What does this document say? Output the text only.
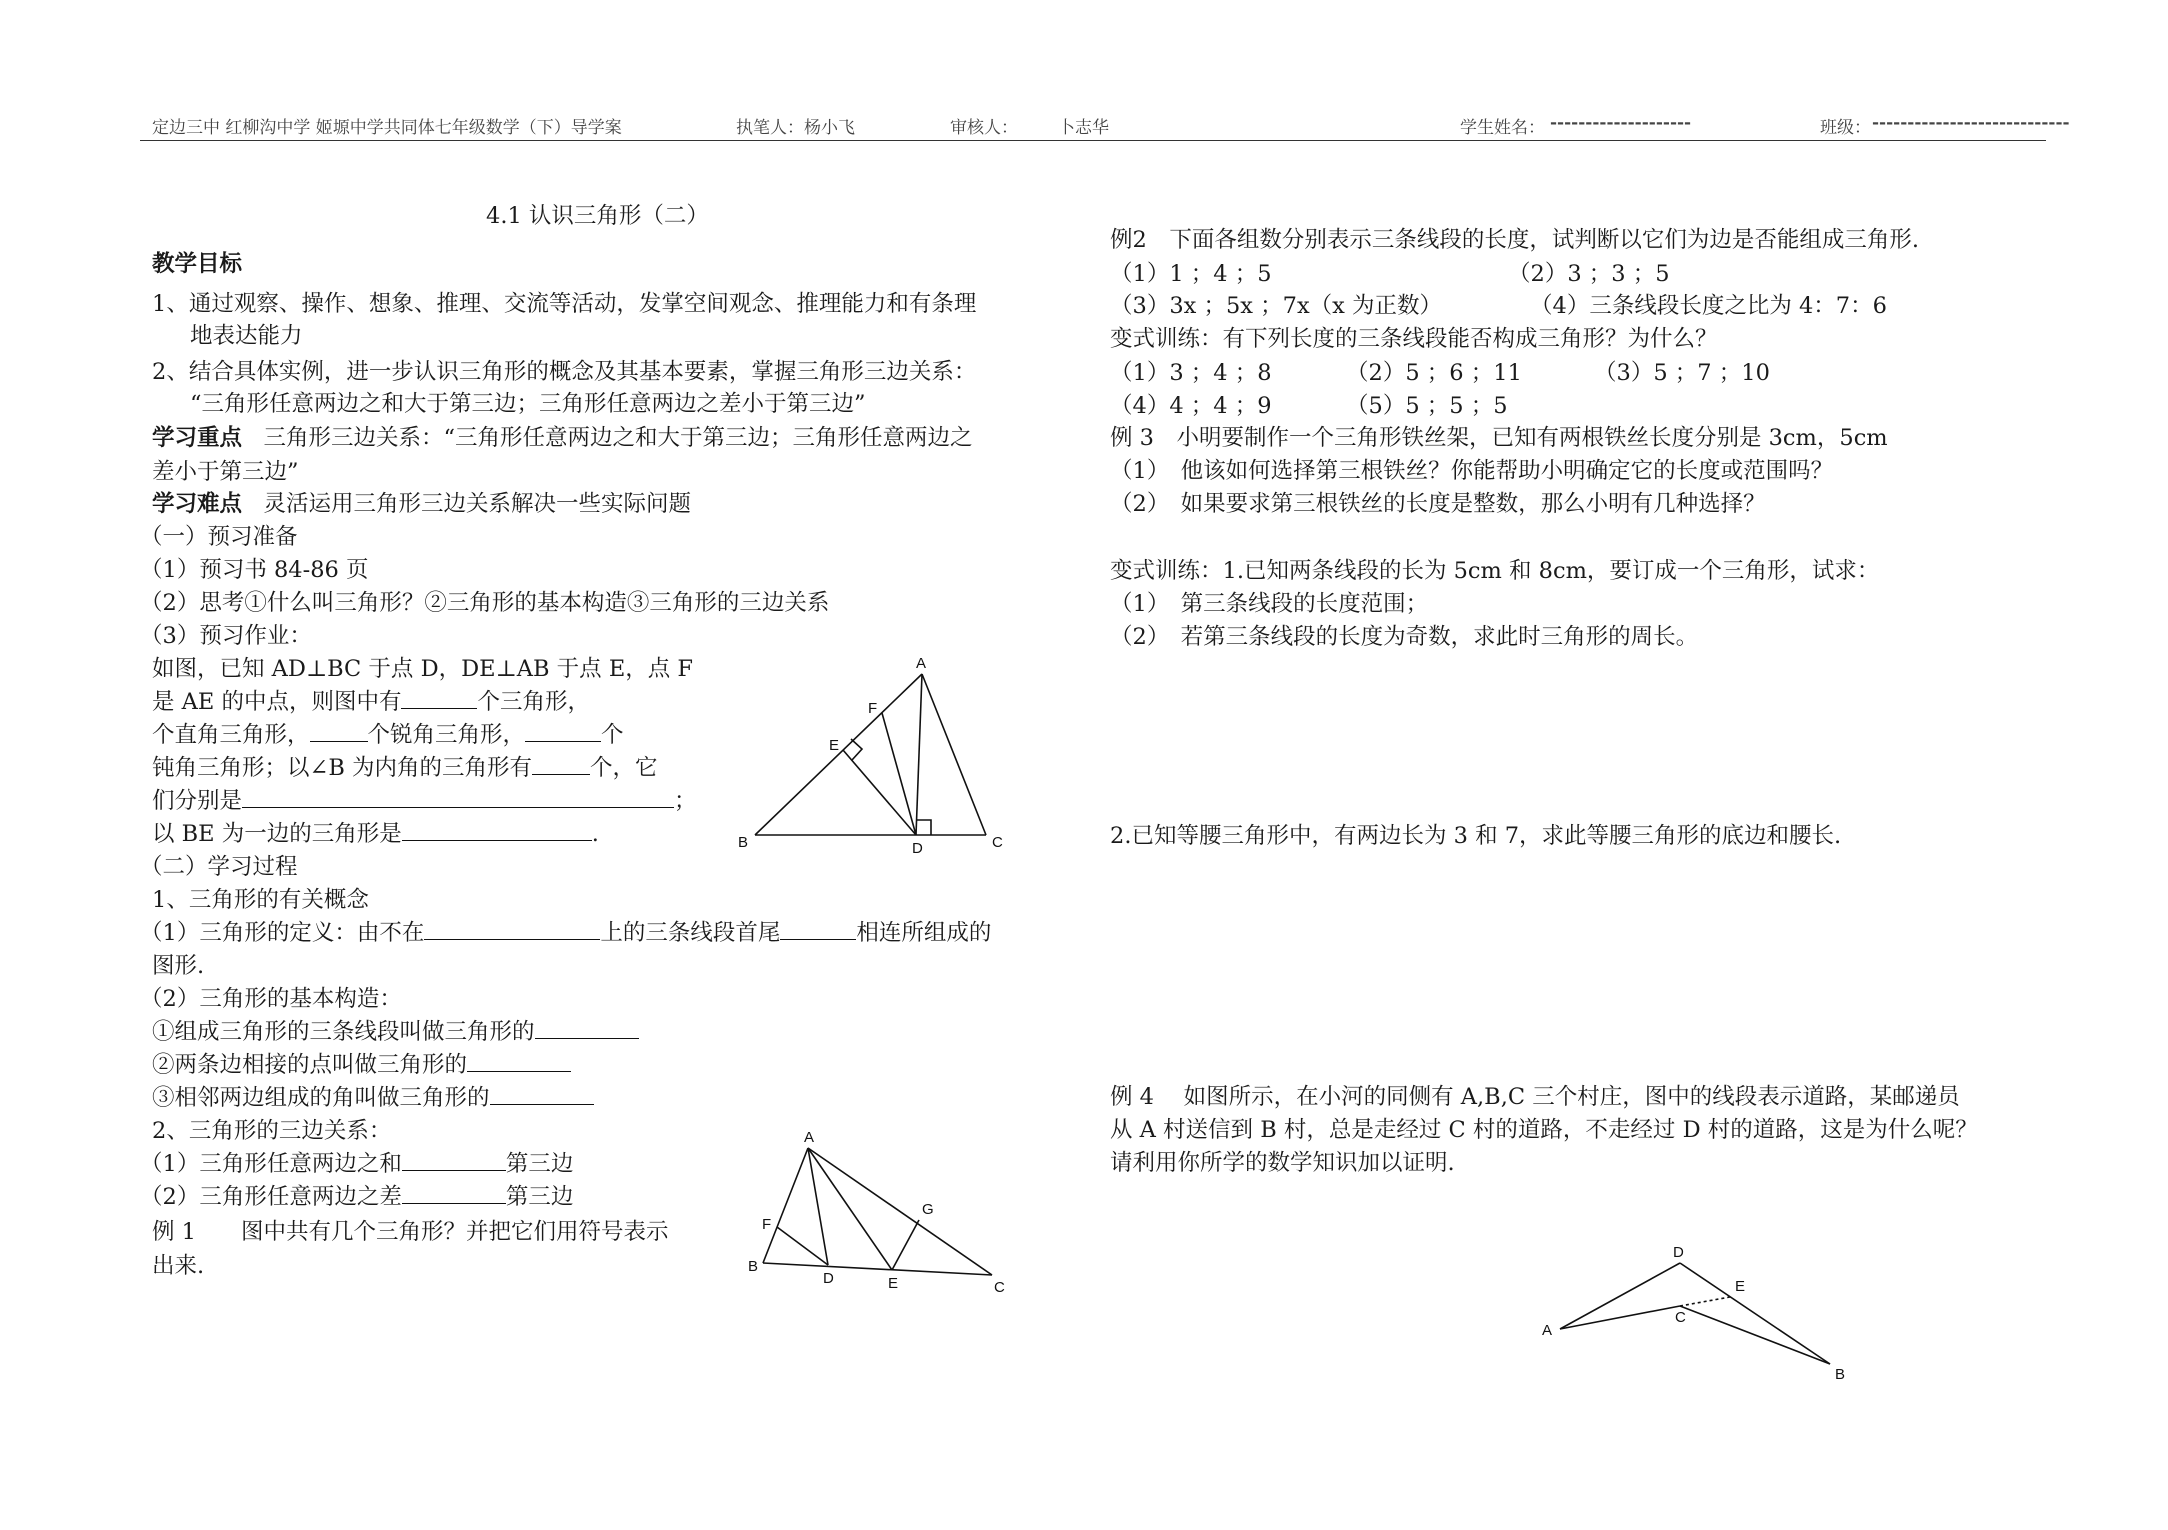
定边三中 红柳沟中学 姬塬中学共同体七年级数学（下）导学案	执笔人：杨小飞	审核人： 卜志华	学生姓名： --------------------	班级： ----------------------------
4.1 认识三角形（二）
教学目标
1、通过观察、操作、想象、推理、交流等活动，发掌空间观念、推理能力和有条理
地表达能力
2、结合具体实例，进一步认识三角形的概念及其基本要素，掌握三角形三边关系：
“三角形任意两边之和大于第三边；三角形任意两边之差小于第三边”
学习重点 三角形三边关系：“三角形任意两边之和大于第三边；三角形任意两边之
差小于第三边”
学习难点 灵活运用三角形三边关系解决一些实际问题
（一）预习准备
（1）预习书 84-86 页
（2）思考①什么叫三角形？②三角形的基本构造③三角形的三边关系
（3）预习作业：
如图，已知 AD⊥BC 于点 D，DE⊥AB 于点 E，点 F
是 AE 的中点，则图中有	个三角形，
个直角三角形，	个锐角三角形，	个
钝角三角形；以∠B 为内角的三角形有	个，它
们分别是	；
以 BE 为一边的三角形是	.
（二）学习过程
1、三角形的有关概念
（1）三角形的定义：由不在	上的三条线段首尾	相连所组成的
图形.
（2）三角形的基本构造：
①组成三角形的三条线段叫做三角形的
②两条边相接的点叫做三角形的
③相邻两边组成的角叫做三角形的
2、三角形的三边关系：
（1）三角形任意两边之和	第三边
（2）三角形任意两边之差	第三边
例 1　　图中共有几个三角形？并把它们用符号表示
出来.
A
B	C
D
E
F
A
B
C
D	E
F
G
例2　下面各组数分别表示三条线段的长度，试判断以它们为边是否能组成三角形.
（1）1 ；4 ；5	（2）3 ；3 ；5
（3）3x ；5x ；7x（x 为正数）	（4）三条线段长度之比为 4：7：6
变式训练：有下列长度的三条线段能否构成三角形？为什么？
（1）3 ；4 ；8	（2）5 ；6 ；11	（3）5 ；7 ；10
（4）4 ；4 ；9	（5）5 ；5 ；5
例 3　小明要制作一个三角形铁丝架，已知有两根铁丝长度分别是 3cm，5cm
（1）　他该如何选择第三根铁丝？你能帮助小明确定它的长度或范围吗？
（2）　如果要求第三根铁丝的长度是整数，那么小明有几种选择？
变式训练：1.已知两条线段的长为 5cm 和 8cm，要订成一个三角形，试求：
（1）　第三条线段的长度范围；
（2）　若第三条线段的长度为奇数，求此时三角形的周长。
2.已知等腰三角形中，有两边长为 3 和 7，求此等腰三角形的底边和腰长.
例 4　 如图所示，在小河的同侧有 A,B,C 三个村庄，图中的线段表示道路，某邮递员
从 A 村送信到 B 村，总是走经过 C 村的道路，不走经过 D 村的道路，这是为什么呢？
请利用你所学的数学知识加以证明.
A
B
C
D
E
